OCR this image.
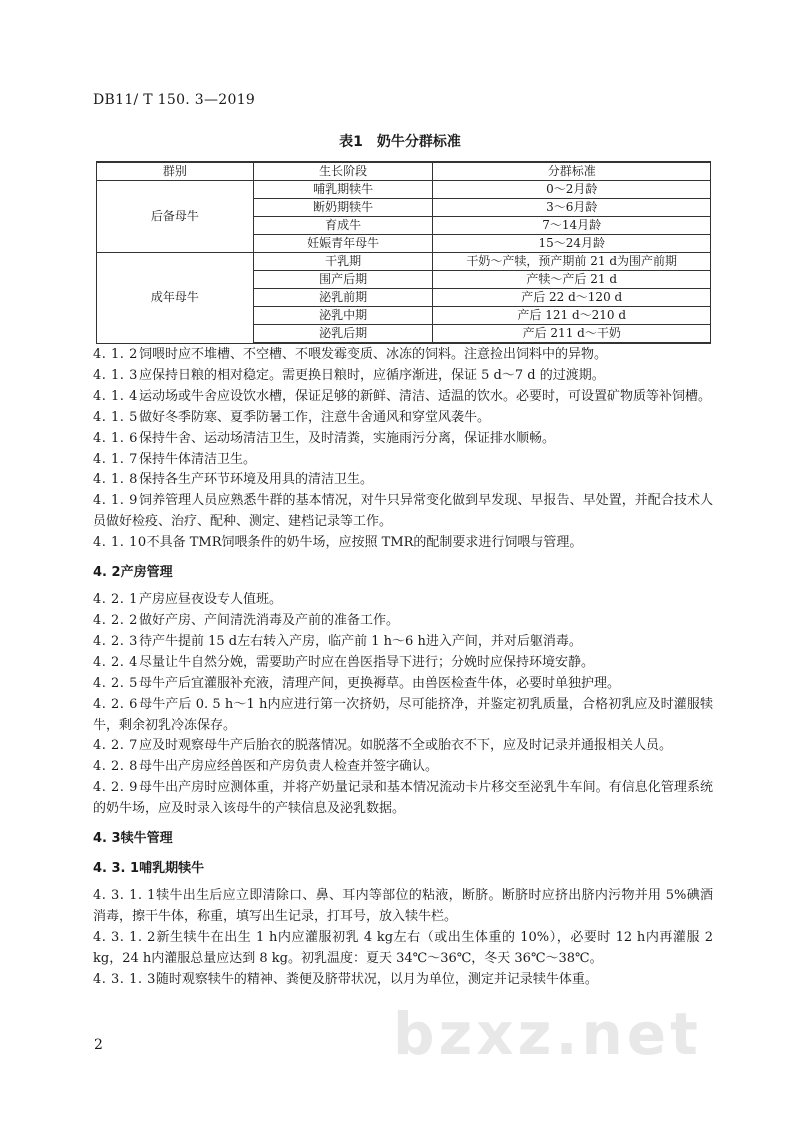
DB11/ T 150. 3—2019
表1　奶牛分群标准
群别	生长阶段	分群标准
后备母牛	哺乳期犊牛	0～2月龄
	断奶期犊牛	3～6月龄
	育成牛	7～14月龄
	妊娠青年母牛	15～24月龄
成年母牛	干乳期	干奶～产犊，预产期前 21 d为围产前期
	围产后期	产犊～产后 21 d
	泌乳前期	产后 22 d～120 d
	泌乳中期	产后 121 d～210 d
	泌乳后期	产后 211 d～干奶

4. 1. 2饲喂时应不堆槽、不空槽、不喂发霉变质、冰冻的饲料。注意捡出饲料中的异物。

4. 1. 3应保持日粮的相对稳定。需更换日粮时，应循序渐进，保证 5 d～7 d 的过渡期。

4. 1. 4运动场或牛舍应设饮水槽，保证足够的新鲜、清洁、适温的饮水。必要时，可设置矿物质等补饲槽。

4. 1. 5做好冬季防寒、夏季防暑工作，注意牛舍通风和穿堂风袭牛。

4. 1. 6保持牛舍、运动场清洁卫生，及时清粪，实施雨污分离，保证排水顺畅。

4. 1. 7保持牛体清洁卫生。

4. 1. 8保持各生产环节环境及用具的清洁卫生。

4. 1. 9饲养管理人员应熟悉牛群的基本情况，对牛只异常变化做到早发现、早报告、早处置，并配合技术人员做好检疫、治疗、配种、测定、建档记录等工作。

4. 1. 10不具备 TMR饲喂条件的奶牛场，应按照 TMR的配制要求进行饲喂与管理。

4. 2产房管理

4. 2. 1产房应昼夜设专人值班。

4. 2. 2做好产房、产间清洗消毒及产前的准备工作。

4. 2. 3待产牛提前 15 d左右转入产房，临产前 1 h～6 h进入产间，并对后躯消毒。

4. 2. 4尽量让牛自然分娩，需要助产时应在兽医指导下进行；分娩时应保持环境安静。

4. 2. 5母牛产后宜灌服补充液，清理产间，更换褥草。由兽医检查牛体，必要时单独护理。

4. 2. 6母牛产后 0. 5 h～1 h内应进行第一次挤奶，尽可能挤净，并鉴定初乳质量，合格初乳应及时灌服犊牛，剩余初乳冷冻保存。

4. 2. 7应及时观察母牛产后胎衣的脱落情况。如脱落不全或胎衣不下，应及时记录并通报相关人员。

4. 2. 8母牛出产房应经兽医和产房负责人检查并签字确认。

4. 2. 9母牛出产房时应测体重，并将产奶量记录和基本情况流动卡片移交至泌乳牛车间。有信息化管理系统的奶牛场，应及时录入该母牛的产犊信息及泌乳数据。

4. 3犊牛管理

4. 3. 1哺乳期犊牛

4. 3. 1. 1犊牛出生后应立即清除口、鼻、耳内等部位的粘液，断脐。断脐时应挤出脐内污物并用 5%碘酒消毒，擦干牛体，称重，填写出生记录，打耳号，放入犊牛栏。

4. 3. 1. 2新生犊牛在出生 1 h内应灌服初乳 4 kg左右（或出生体重的 10%），必要时 12 h内再灌服 2 kg，24 h内灌服总量应达到 8 kg。初乳温度：夏天 34℃～36℃，冬天 36℃～38℃。

4. 3. 1. 3随时观察犊牛的精神、粪便及脐带状况，以月为单位，测定并记录犊牛体重。

2	bzxz.net
